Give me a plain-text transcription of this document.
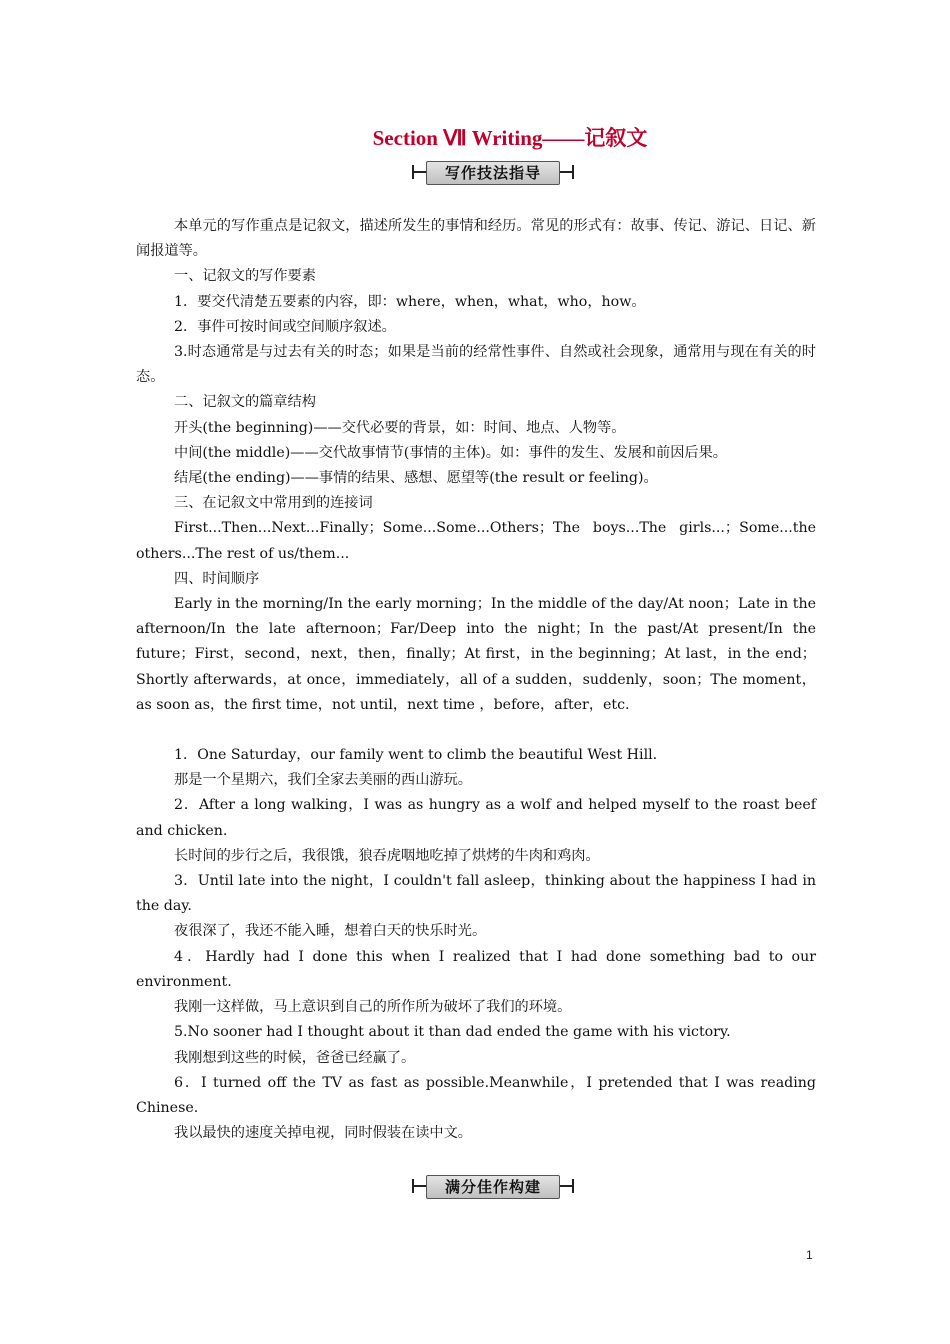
Section Ⅶ Writing——记叙文
写作技法指导

本单元的写作重点是记叙文，描述所发生的事情和经历。常见的形式有：故事、传记、游记、日记、新闻报道等。

一、记叙文的写作要素

1．要交代清楚五要素的内容，即：where，when，what，who，how。

2．事件可按时间或空间顺序叙述。

3.时态通常是与过去有关的时态；如果是当前的经常性事件、自然或社会现象，通常用与现在有关的时态。

二、记叙文的篇章结构

开头(the beginning)——交代必要的背景，如：时间、地点、人物等。

中间(the middle)——交代故事情节(事情的主体)。如：事件的发生、发展和前因后果。

结尾(the ending)——事情的结果、感想、愿望等(the result or feeling)。

三、在记叙文中常用到的连接词

First...Then...Next...Finally；Some...Some...Others；The boys...The girls...；Some...the others...The rest of us/them...

四、时间顺序

Early in the morning/In the early morning；In the middle of the day/At noon；Late in the afternoon/In the late afternoon；Far/Deep into the night；In the past/At present/In the future；First，second，next，then，finally；At first，in the beginning；At last，in the end；Shortly afterwards，at once，immediately，all of a sudden，suddenly，soon；The moment，as soon as，the first time，not until，next time ，before，after，etc.

1．One Saturday，our family went to climb the beautiful West Hill.

那是一个星期六，我们全家去美丽的西山游玩。

2．After a long walking，I was as hungry as a wolf and helped myself to the roast beef and chicken.

长时间的步行之后，我很饿，狼吞虎咽地吃掉了烘烤的牛肉和鸡肉。

3．Until late into the night，I couldn't fall asleep，thinking about the happiness I had in the day.

夜很深了，我还不能入睡，想着白天的快乐时光。

4．Hardly had I done this when I realized that I had done something bad to our environment.

我刚一这样做，马上意识到自己的所作所为破坏了我们的环境。

5.No sooner had I thought about it than dad ended the game with his victory.

我刚想到这些的时候，爸爸已经赢了。

6．I turned off the TV as fast as possible.Meanwhile，I pretended that I was reading Chinese.

我以最快的速度关掉电视，同时假装在读中文。

满分佳作构建
1
